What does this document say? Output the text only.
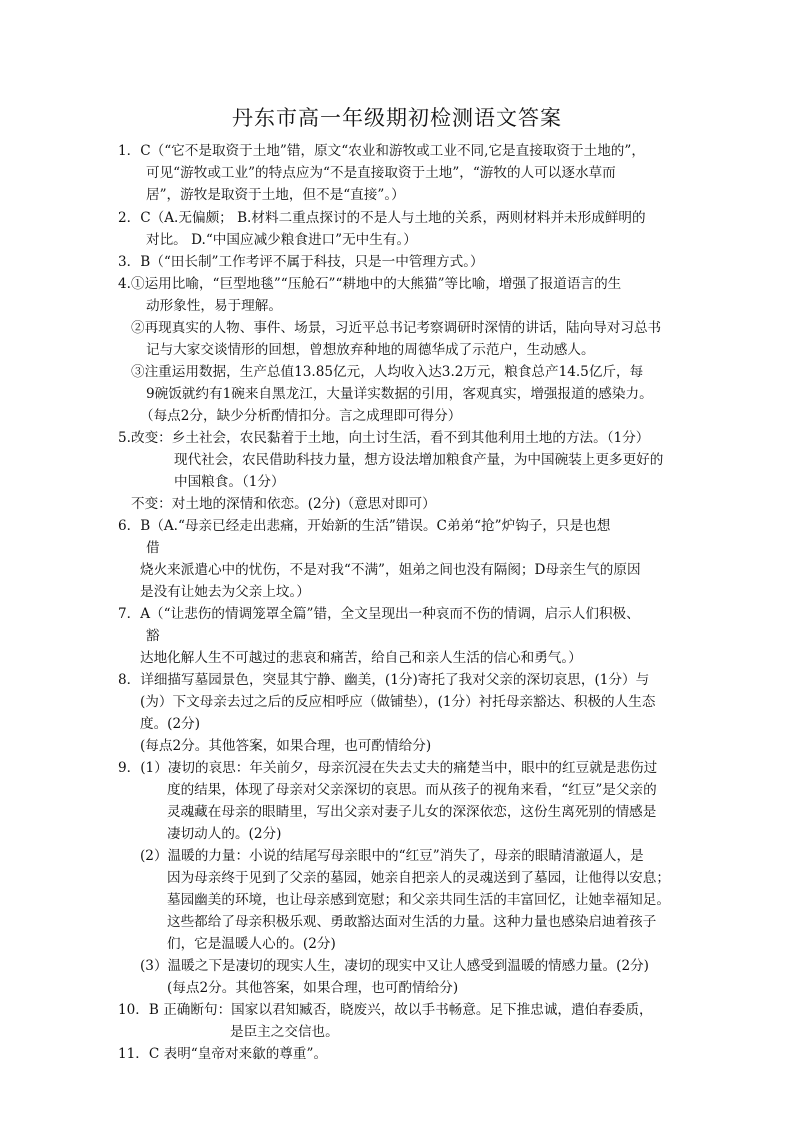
丹东市高一年级期初检测语文答案
1．C（“它不是取资于土地”错，原文“农业和游牧或工业不同,它是直接取资于土地的”，
可见“游牧或工业”的特点应为“不是直接取资于土地”，“游牧的人可以逐水草而
居”，游牧是取资于土地，但不是“直接”。）
2．C（A.无偏颇； B.材料二重点探讨的不是人与土地的关系，两则材料并未形成鲜明的
对比。 D.“中国应减少粮食进口”无中生有。）
3．B（“田长制”工作考评不属于科技，只是一中管理方式。）
4.①运用比喻，“巨型地毯”“压舱石”“耕地中的大熊猫”等比喻，增强了报道语言的生
动形象性，易于理解。
②再现真实的人物、事件、场景，习近平总书记考察调研时深情的讲话，陆向导对习总书
记与大家交谈情形的回想，曾想放弃种地的周德华成了示范户，生动感人。
③注重运用数据，生产总值13.85亿元，人均收入达3.2万元，粮食总产14.5亿斤，每
9碗饭就约有1碗来自黑龙江，大量详实数据的引用，客观真实，增强报道的感染力。
（每点2分，缺少分析酌情扣分。言之成理即可得分）
5.改变：乡土社会，农民黏着于土地，向土讨生活，看不到其他利用土地的方法。（1分）
现代社会，农民借助科技力量，想方设法增加粮食产量，为中国碗装上更多更好的
中国粮食。（1分）
不变：对土地的深情和依恋。(2分)（意思对即可）
6．B（A.“母亲已经走出悲痛，开始新的生活”错误。C弟弟“抢”炉钩子，只是也想
借
烧火来派遣心中的忧伤，不是对我“不满”，姐弟之间也没有隔阂；D母亲生气的原因
是没有让她去为父亲上坟。）
7．A（“让悲伤的情调笼罩全篇”错，全文呈现出一种哀而不伤的情调，启示人们积极、
豁
达地化解人生不可越过的悲哀和痛苦，给自己和亲人生活的信心和勇气。）
8．详细描写墓园景色，突显其宁静、幽美，(1分)寄托了我对父亲的深切哀思，(1分）与
(为）下文母亲去过之后的反应相呼应（做铺垫），(1分）衬托母亲豁达、积极的人生态
度。(2分)
(每点2分。其他答案，如果合理，也可酌情给分)
9．(1）凄切的哀思：年关前夕，母亲沉浸在失去丈夫的痛楚当中，眼中的红豆就是悲伤过
度的结果，体现了母亲对父亲深切的哀思。而从孩子的视角来看，“红豆”是父亲的
灵魂藏在母亲的眼睛里，写出父亲对妻子儿女的深深依恋，这份生离死别的情感是
凄切动人的。(2分)
(2）温暖的力量：小说的结尾写母亲眼中的“红豆”消失了，母亲的眼睛清澈逼人，是
因为母亲终于见到了父亲的墓园，她亲自把亲人的灵魂送到了墓园，让他得以安息；
墓园幽美的环境，也让母亲感到宽慰；和父亲共同生活的丰富回忆，让她幸福知足。
这些都给了母亲积极乐观、勇敢豁达面对生活的力量。这种力量也感染启迪着孩子
们，它是温暖人心的。(2分)
(3）温暖之下是凄切的现实人生，凄切的现实中又让人感受到温暖的情感力量。(2分)
(每点2分。其他答案，如果合理，也可酌情给分)
10．B 正确断句：国家以君知臧否，晓废兴，故以手书畅意。足下推忠诚，遣伯春委质，
是臣主之交信也。
11．C 表明“皇帝对来歙的尊重”。
